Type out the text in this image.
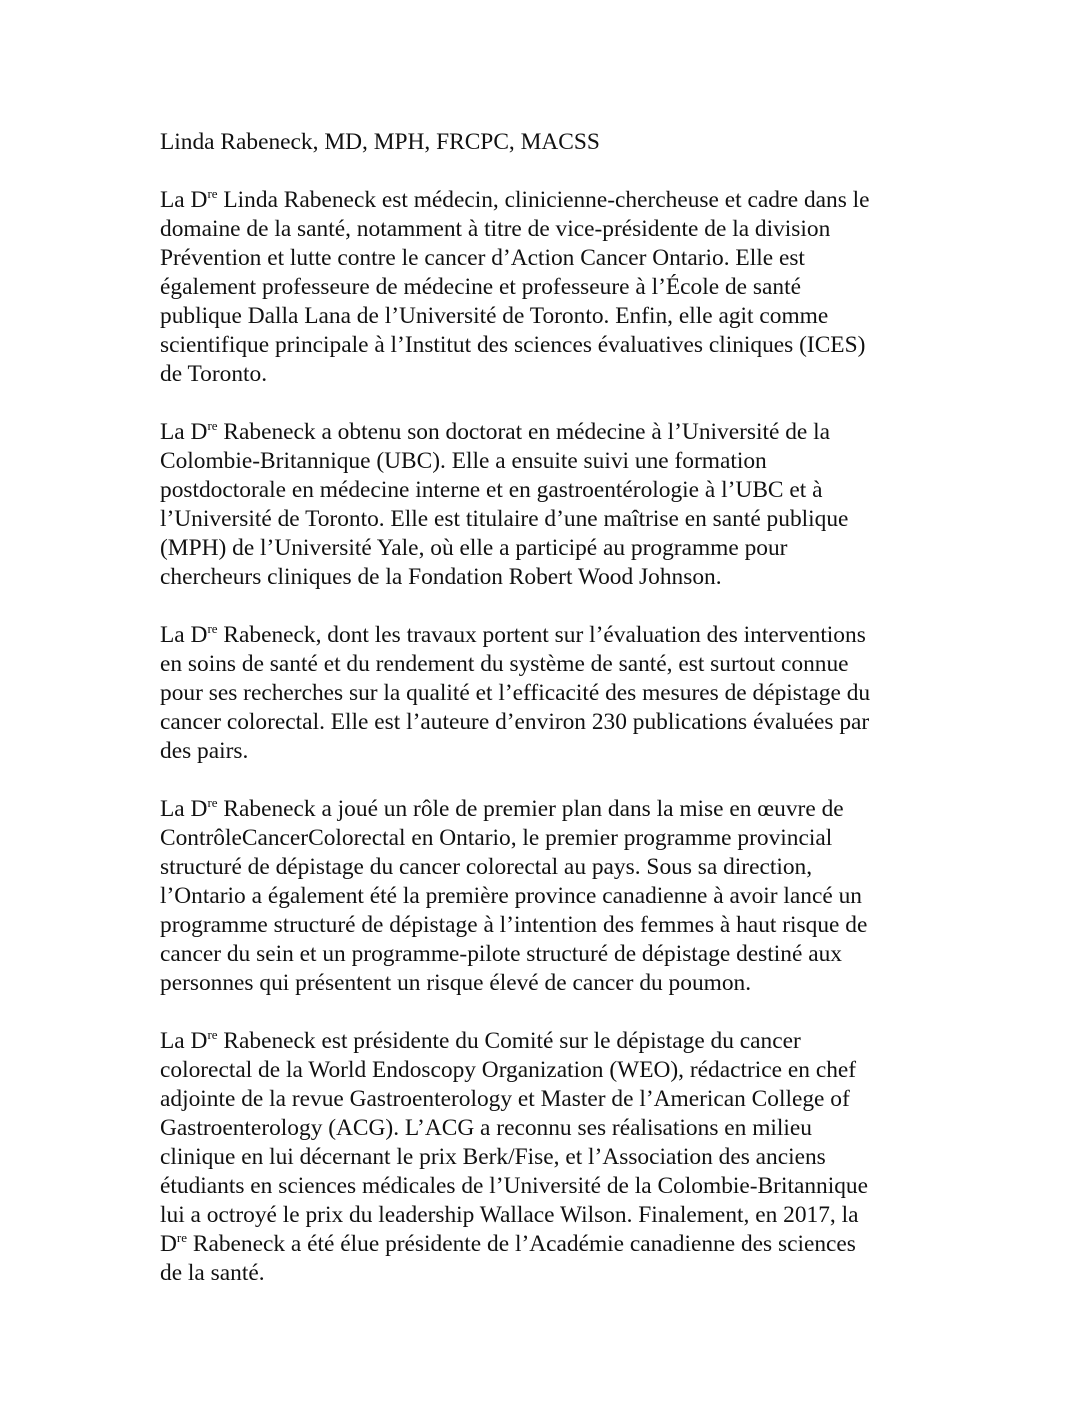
Linda Rabeneck, MD, MPH, FRCPC, MACSS

La Dre Linda Rabeneck est médecin, clinicienne-chercheuse et cadre dans le
domaine de la santé, notamment à titre de vice-présidente de la division
Prévention et lutte contre le cancer d’Action Cancer Ontario. Elle est
également professeure de médecine et professeure à l’École de santé
publique Dalla Lana de l’Université de Toronto. Enfin, elle agit comme
scientifique principale à l’Institut des sciences évaluatives cliniques (ICES)
de Toronto.

La Dre Rabeneck a obtenu son doctorat en médecine à l’Université de la
Colombie-Britannique (UBC). Elle a ensuite suivi une formation
postdoctorale en médecine interne et en gastroentérologie à l’UBC et à
l’Université de Toronto. Elle est titulaire d’une maîtrise en santé publique
(MPH) de l’Université Yale, où elle a participé au programme pour
chercheurs cliniques de la Fondation Robert Wood Johnson.

La Dre Rabeneck, dont les travaux portent sur l’évaluation des interventions
en soins de santé et du rendement du système de santé, est surtout connue
pour ses recherches sur la qualité et l’efficacité des mesures de dépistage du
cancer colorectal. Elle est l’auteure d’environ 230 publications évaluées par
des pairs.

La Dre Rabeneck a joué un rôle de premier plan dans la mise en œuvre de
ContrôleCancerColorectal en Ontario, le premier programme provincial
structuré de dépistage du cancer colorectal au pays. Sous sa direction,
l’Ontario a également été la première province canadienne à avoir lancé un
programme structuré de dépistage à l’intention des femmes à haut risque de
cancer du sein et un programme-pilote structuré de dépistage destiné aux
personnes qui présentent un risque élevé de cancer du poumon.

La Dre Rabeneck est présidente du Comité sur le dépistage du cancer
colorectal de la World Endoscopy Organization (WEO), rédactrice en chef
adjointe de la revue Gastroenterology et Master de l’American College of
Gastroenterology (ACG). L’ACG a reconnu ses réalisations en milieu
clinique en lui décernant le prix Berk/Fise, et l’Association des anciens
étudiants en sciences médicales de l’Université de la Colombie-Britannique
lui a octroyé le prix du leadership Wallace Wilson. Finalement, en 2017, la
Dre Rabeneck a été élue présidente de l’Académie canadienne des sciences
de la santé.
